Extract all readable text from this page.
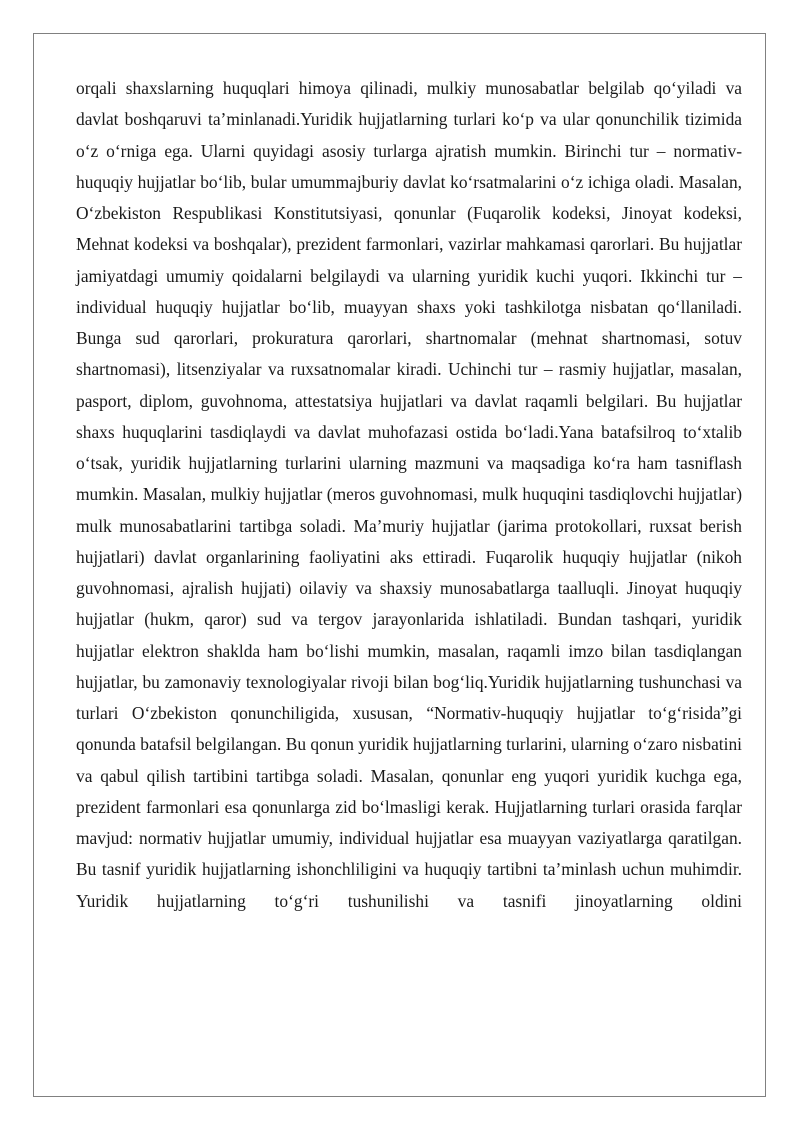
orqali shaxslarning huquqlari himoya qilinadi, mulkiy munosabatlar belgilab qo‘yiladi va davlat boshqaruvi ta’minlanadi.Yuridik hujjatlarning turlari ko‘p va ular qonunchilik tizimida o‘z o‘rniga ega. Ularni quyidagi asosiy turlarga ajratish mumkin. Birinchi tur – normativ-huquqiy hujjatlar bo‘lib, bular umummajburiy davlat ko‘rsatmalarini o‘z ichiga oladi. Masalan, O‘zbekiston Respublikasi Konstitutsiyasi, qonunlar (Fuqarolik kodeksi, Jinoyat kodeksi, Mehnat kodeksi va boshqalar), prezident farmonlari, vazirlar mahkamasi qarorlari. Bu hujjatlar jamiyatdagi umumiy qoidalarni belgilaydi va ularning yuridik kuchi yuqori. Ikkinchi tur – individual huquqiy hujjatlar bo‘lib, muayyan shaxs yoki tashkilotga nisbatan qo‘llaniladi. Bunga sud qarorlari, prokuratura qarorlari, shartnomalar (mehnat shartnomasi, sotuv shartnomasi), litsenziyalar va ruxsatnomalar kiradi. Uchinchi tur – rasmiy hujjatlar, masalan, pasport, diplom, guvohnoma, attestatsiya hujjatlari va davlat raqamli belgilari. Bu hujjatlar shaxs huquqlarini tasdiqlaydi va davlat muhofazasi ostida bo‘ladi.Yana batafsilroq to‘xtalib o‘tsak, yuridik hujjatlarning turlarini ularning mazmuni va maqsadiga ko‘ra ham tasniflash mumkin. Masalan, mulkiy hujjatlar (meros guvohnomasi, mulk huquqini tasdiqlovchi hujjatlar) mulk munosabatlarini tartibga soladi. Ma’muriy hujjatlar (jarima protokollari, ruxsat berish hujjatlari) davlat organlarining faoliyatini aks ettiradi. Fuqarolik huquqiy hujjatlar (nikoh guvohnomasi, ajralish hujjati) oilaviy va shaxsiy munosabatlarga taalluqli. Jinoyat huquqiy hujjatlar (hukm, qaror) sud va tergov jarayonlarida ishlatiladi. Bundan tashqari, yuridik hujjatlar elektron shaklda ham bo‘lishi mumkin, masalan, raqamli imzo bilan tasdiqlangan hujjatlar, bu zamonaviy texnologiyalar rivoji bilan bog‘liq.Yuridik hujjatlarning tushunchasi va turlari O‘zbekiston qonunchiligida, xususan, “Normativ-huquqiy hujjatlar to‘g‘risida”gi qonunda batafsil belgilangan. Bu qonun yuridik hujjatlarning turlarini, ularning o‘zaro nisbatini va qabul qilish tartibini tartibga soladi. Masalan, qonunlar eng yuqori yuridik kuchga ega, prezident farmonlari esa qonunlarga zid bo‘lmasligi kerak. Hujjatlarning turlari orasida farqlar mavjud: normativ hujjatlar umumiy, individual hujjatlar esa muayyan vaziyatlarga qaratilgan. Bu tasnif yuridik hujjatlarning ishonchliligini va huquqiy tartibni ta’minlash uchun muhimdir. Yuridik hujjatlarning to‘g‘ri tushunilishi va tasnifi jinoyatlarning oldini
